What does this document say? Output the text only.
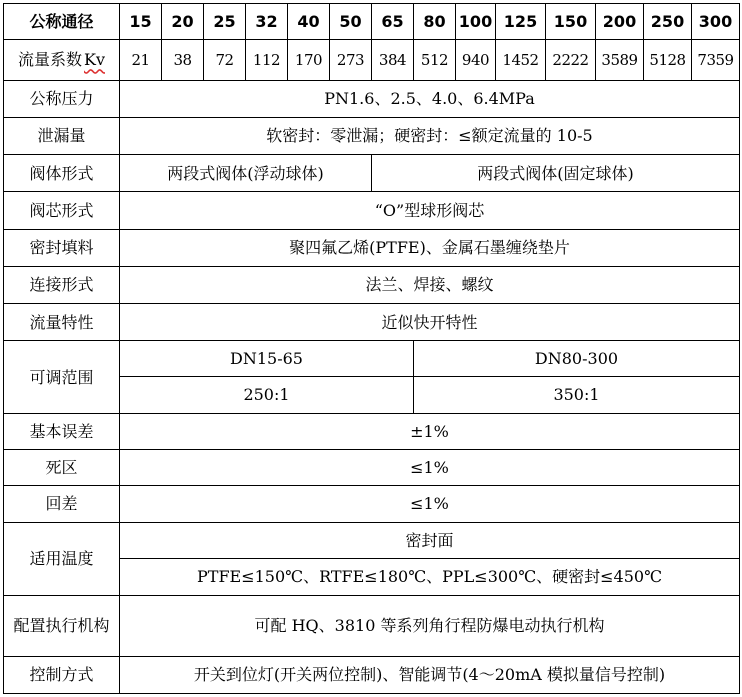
公称通径	15	20	25	32	40	50	65	80	100	125	150	200	250	300
流量系数 Kv	21	38	72	112	170	273	384	512	940	1452	2222	3589	5128	7359
公称压力	PN1.6、2.5、4.0、6.4MPa													
泄漏量	软密封：零泄漏；硬密封：≤额定流量的 10-5													
阀体形式	两段式阀体(浮动球体)						两段式阀体(固定球体)							
阀芯形式	“O”型球形阀芯													
密封填料	聚四氟乙烯(PTFE)、金属石墨缠绕垫片													
连接形式	法兰、焊接、螺纹													
流量特性	近似快开特性													
可调范围	DN15-65							DN80-300						
	250:1							350:1						
基本误差	±1%													
死区	≤1%													
回差	≤1%													
适用温度	密封面													
	PTFE≤150℃、RTFE≤180℃、PPL≤300℃、硬密封≤450℃													
配置执行机构	可配 HQ、3810 等系列角行程防爆电动执行机构													
控制方式	开关到位灯(开关两位控制)、智能调节(4～20mA 模拟量信号控制)													
